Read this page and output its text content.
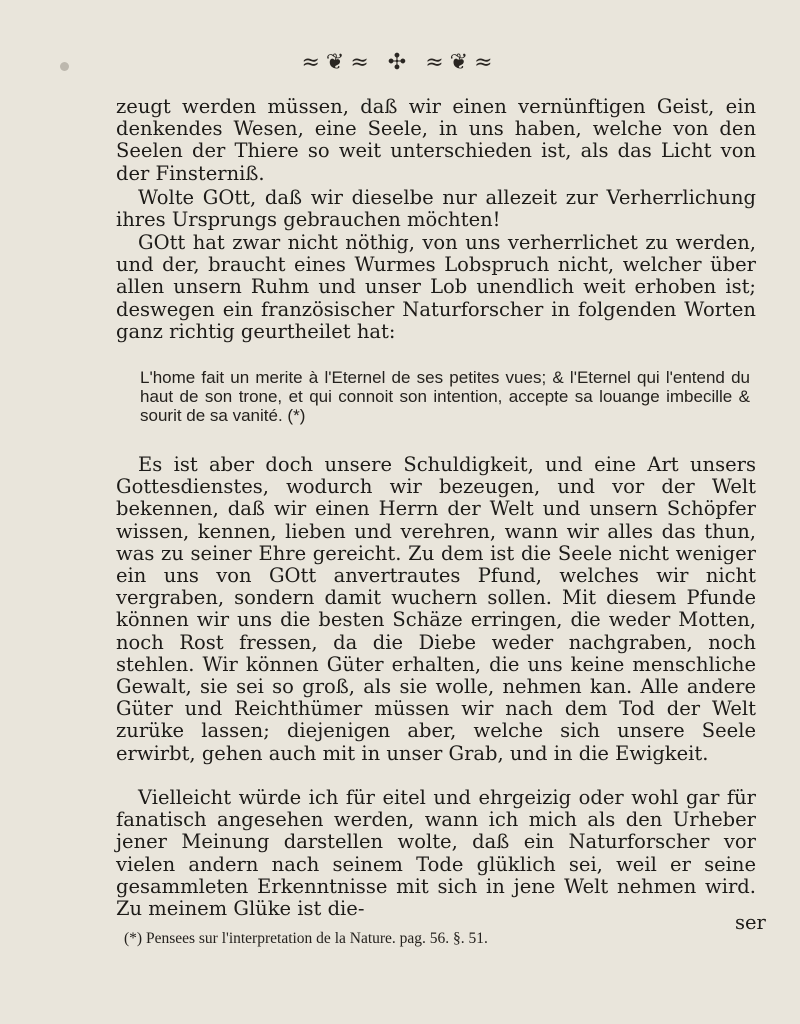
≈❦≈ ✣ ≈❦≈

zeugt werden müssen, daß wir einen vernünftigen Geist, ein denkendes Wesen, eine Seele, in uns haben, welche von den Seelen der Thiere so weit unterschieden ist, als das Licht von der Finsterniß.

Wolte GOtt, daß wir dieselbe nur allezeit zur Verherrlichung ihres Ursprungs gebrauchen möchten!

GOtt hat zwar nicht nöthig, von uns verherrlichet zu werden, und der, braucht eines Wurmes Lobspruch nicht, welcher über allen unsern Ruhm und unser Lob unendlich weit erhoben ist; deswegen ein französischer Naturforscher in folgenden Worten ganz richtig geurtheilet hat:

L'home fait un merite à l'Eternel de ses petites vues; & l'Eternel qui l'entend du haut de son trone, et qui connoit son intention, accepte sa louange imbecille & sourit de sa vanité. (*)

Es ist aber doch unsere Schuldigkeit, und eine Art unsers Gottesdienstes, wodurch wir bezeugen, und vor der Welt bekennen, daß wir einen Herrn der Welt und unsern Schöpfer wissen, kennen, lieben und verehren, wann wir alles das thun, was zu seiner Ehre gereicht. Zu dem ist die Seele nicht weniger ein uns von GOtt anvertrautes Pfund, welches wir nicht vergraben, sondern damit wuchern sollen. Mit diesem Pfunde können wir uns die besten Schäze erringen, die weder Motten, noch Rost fressen, da die Diebe weder nachgraben, noch stehlen. Wir können Güter erhalten, die uns keine menschliche Gewalt, sie sei so groß, als sie wolle, nehmen kan. Alle andere Güter und Reichthümer müssen wir nach dem Tod der Welt zurüke lassen; diejenigen aber, welche sich unsere Seele erwirbt, gehen auch mit in unser Grab, und in die Ewigkeit.

Vielleicht würde ich für eitel und ehrgeizig oder wohl gar für fanatisch angesehen werden, wann ich mich als den Urheber jener Meinung darstellen wolte, daß ein Naturforscher vor vielen andern nach seinem Tode glüklich sei, weil er seine gesammleten Erkenntnisse mit sich in jene Welt nehmen wird. Zu meinem Glüke ist die-

ser
(*) Pensees sur l'interpretation de la Nature. pag. 56. §. 51.
